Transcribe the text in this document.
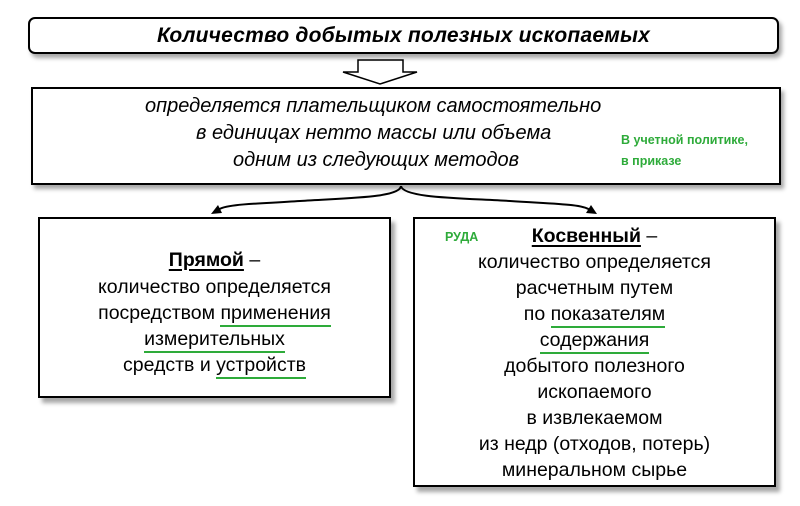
Количество добытых полезных ископаемых
определяется плательщиком самостоятельно
в единицах нетто массы или объема
одним из следующих методов
В учетной политике,
в приказе
Прямой –
количество определяется
посредством применения
измерительных
средств и устройств
РУДА	Косвенный –
количество определяется
расчетным путем
по показателям
содержания
добытого полезного
ископаемого
в извлекаемом
из недр (отходов, потерь)
минеральном сырье
